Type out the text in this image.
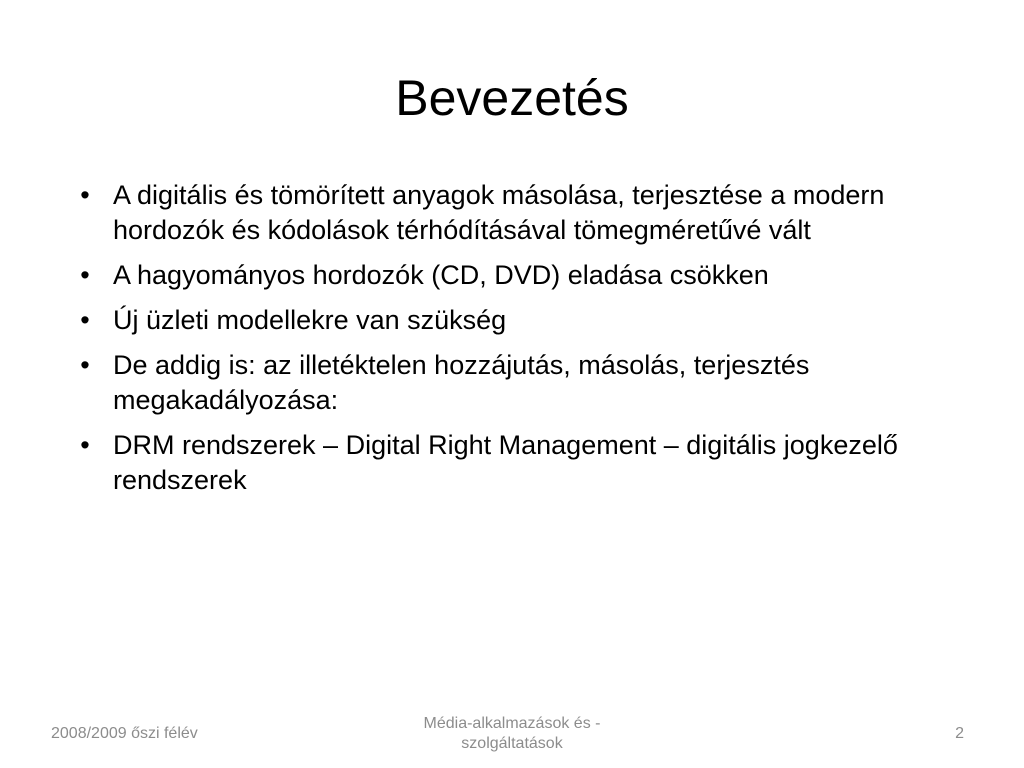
Bevezetés
• A digitális és tömörített anyagok másolása, terjesztése a modern hordozók és kódolások térhódításával tömegméretűvé vált
• A hagyományos hordozók (CD, DVD) eladása csökken
• Új üzleti modellekre van szükség
• De addig is: az illetéktelen hozzájutás, másolás, terjesztés megakadályozása:
• DRM rendszerek – Digital Right Management – digitális jogkezelő rendszerek
2008/2009 őszi félév
Média-alkalmazások és -
szolgáltatások
2
